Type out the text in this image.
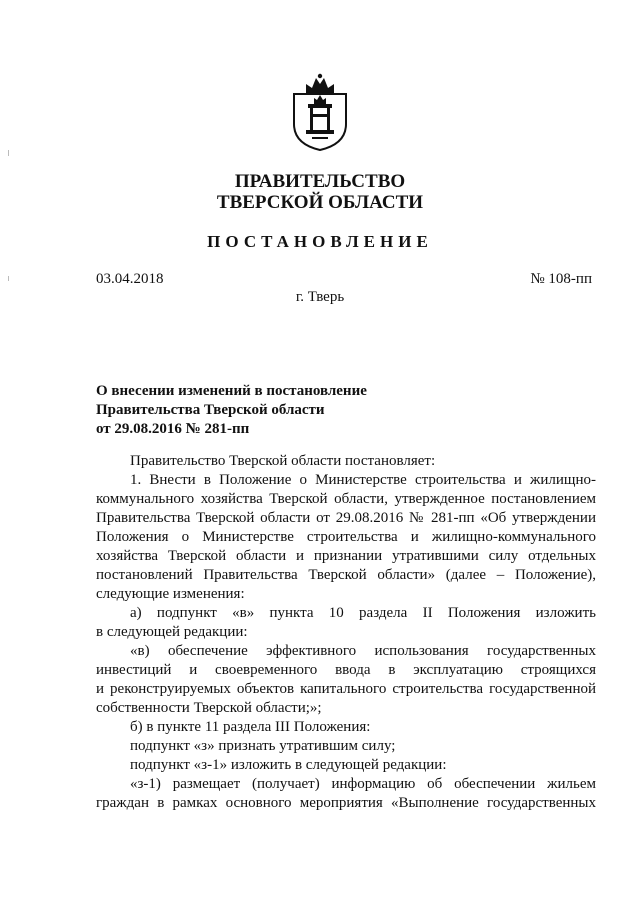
ПРАВИТЕЛЬСТВО
ТВЕРСКОЙ ОБЛАСТИ
ПОСТАНОВЛЕНИЕ
03.04.2018	№ 108-пп
г. Тверь
О внесении изменений в постановление
Правительства Тверской области
от 29.08.2016 № 281-пп
Правительство Тверской области постановляет:
1. Внести в Положение о Министерстве строительства и жилищно-
коммунального хозяйства Тверской области, утвержденное постановлением
Правительства Тверской области от 29.08.2016 № 281-пп «Об утверждении
Положения о Министерстве строительства и жилищно-коммунального
хозяйства Тверской области и признании утратившими силу отдельных
постановлений Правительства Тверской области» (далее – Положение),
следующие изменения:
а) подпункт «в» пункта 10 раздела II Положения изложить
в следующей редакции:
«в) обеспечение эффективного использования государственных
инвестиций и своевременного ввода в эксплуатацию строящихся
и реконструируемых объектов капитального строительства государственной
собственности Тверской области;»;
б) в пункте 11 раздела III Положения:
подпункт «з» признать утратившим силу;
подпункт «з-1» изложить в следующей редакции:
«з-1) размещает (получает) информацию об обеспечении жильем
граждан в рамках основного мероприятия «Выполнение государственных
